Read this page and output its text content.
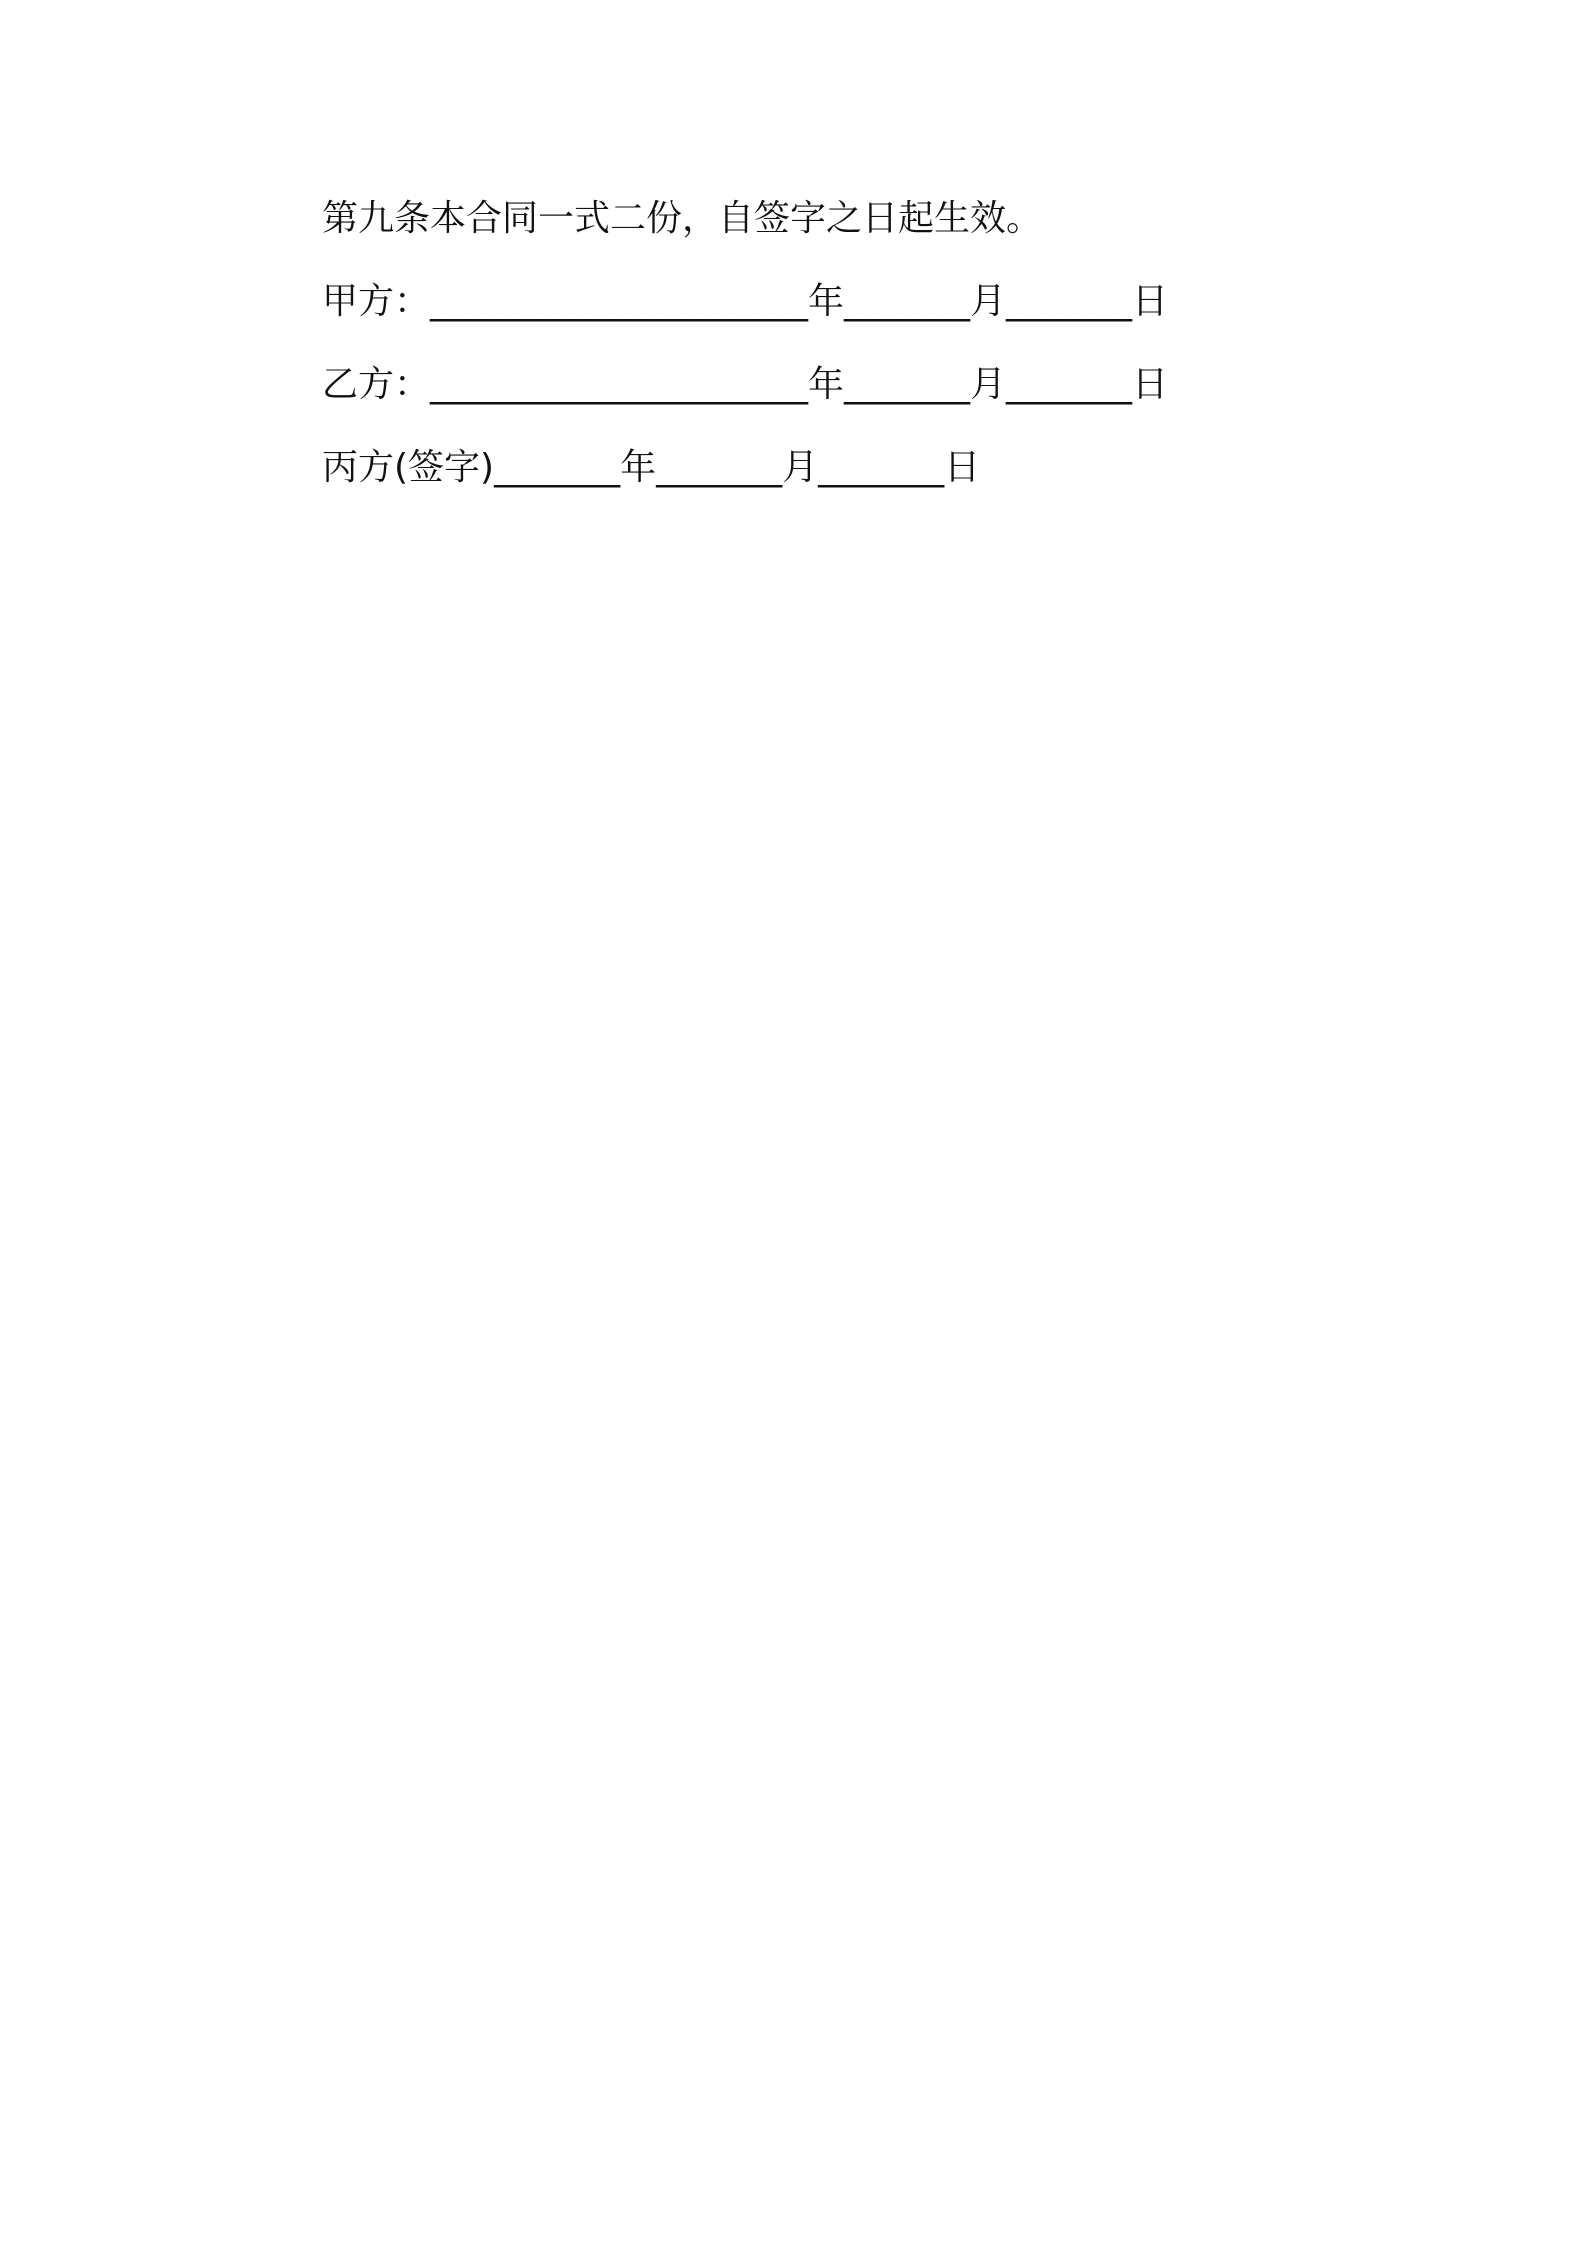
第九条本合同一式二份，自签字之日起生效。
甲方：_____________________年_______月_______日
乙方：_____________________年_______月_______日
丙方(签字)_______年_______月_______日
